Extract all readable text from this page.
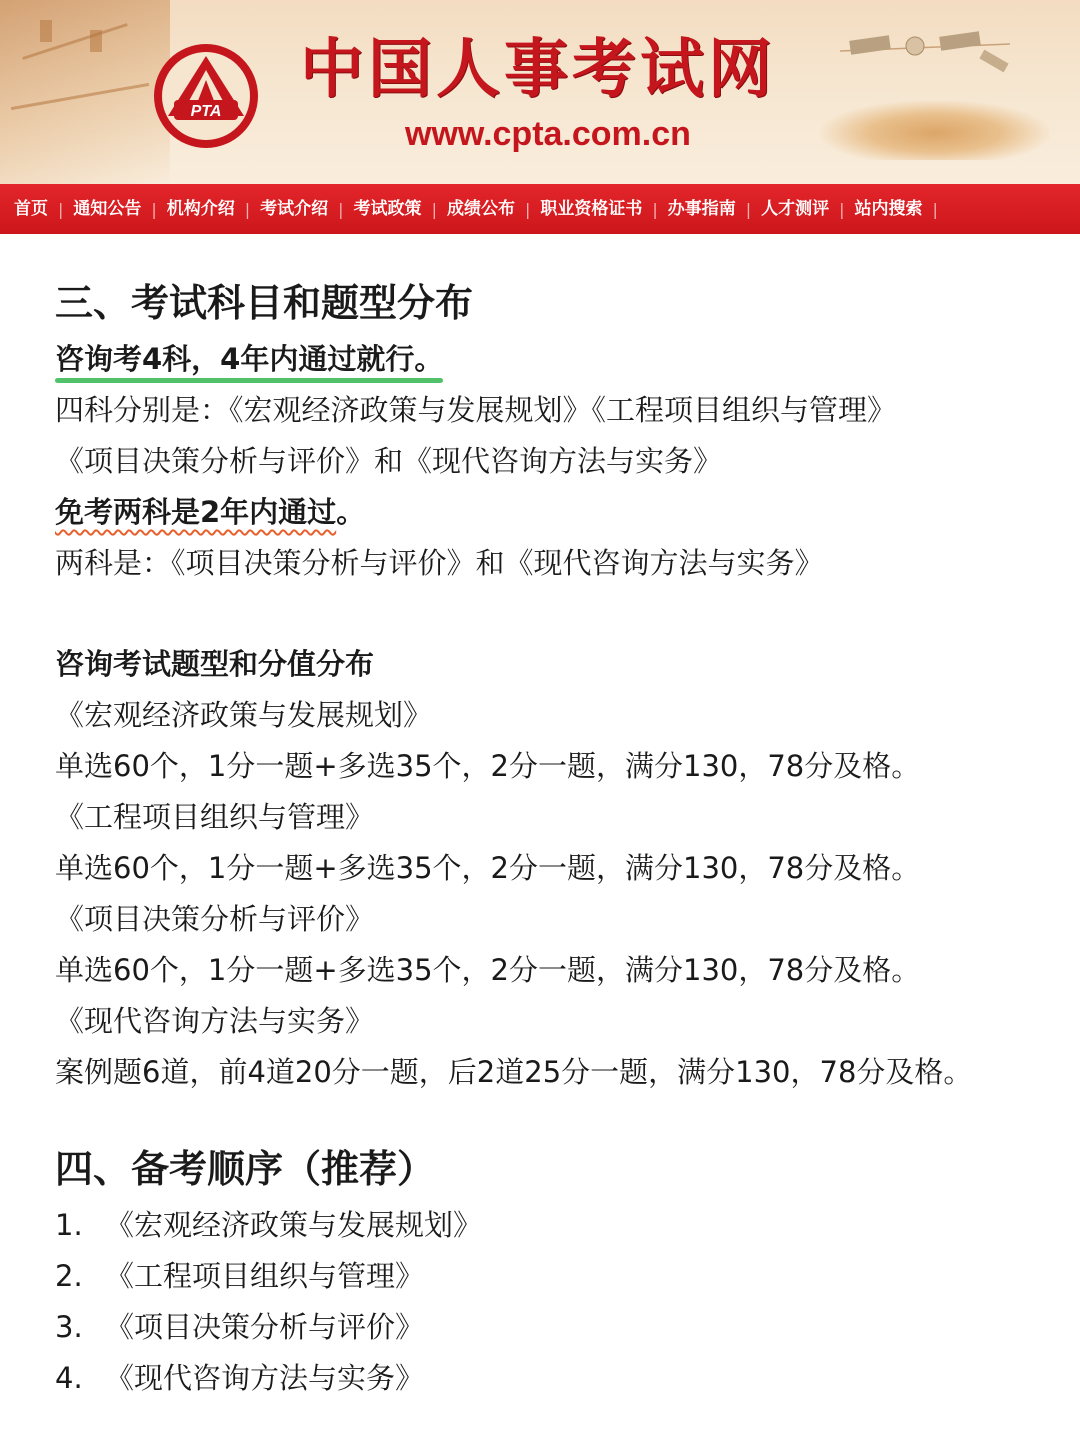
PTA
中国人事考试网
www.cpta.com.cn
首页 | 通知公告 | 机构介绍 | 考试介绍 | 考试政策 | 成绩公布 | 职业资格证书 | 办事指南 | 人才测评 | 站内搜索 |
三、考试科目和题型分布
咨询考4科，4年内通过就行。
四科分别是：《宏观经济政策与发展规划》《工程项目组织与管理》
《项目决策分析与评价》和《现代咨询方法与实务》
免考两科是2年内通过。
两科是：《项目决策分析与评价》和《现代咨询方法与实务》
咨询考试题型和分值分布
《宏观经济政策与发展规划》
单选60个，1分一题+多选35个，2分一题，满分130，78分及格。
《工程项目组织与管理》
单选60个，1分一题+多选35个，2分一题，满分130，78分及格。
《项目决策分析与评价》
单选60个，1分一题+多选35个，2分一题，满分130，78分及格。
《现代咨询方法与实务》
案例题6道，前4道20分一题，后2道25分一题，满分130，78分及格。
四、备考顺序（推荐）
1. 《宏观经济政策与发展规划》
2. 《工程项目组织与管理》
3. 《项目决策分析与评价》
4. 《现代咨询方法与实务》
